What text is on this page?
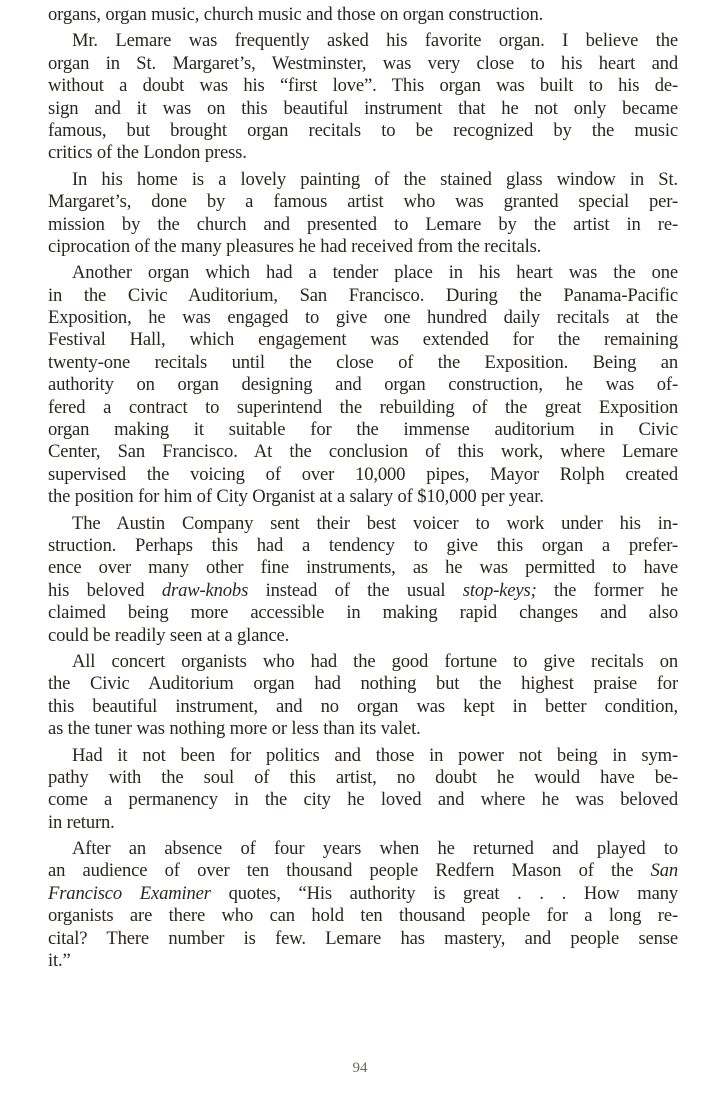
organs, organ music, church music and those on organ construction.
Mr. Lemare was frequently asked his favorite organ. I believe the
organ in St. Margaret’s, Westminster, was very close to his heart and
without a doubt was his “first love”. This organ was built to his de-
sign and it was on this beautiful instrument that he not only became
famous, but brought organ recitals to be recognized by the music
critics of the London press.
In his home is a lovely painting of the stained glass window in St.
Margaret’s, done by a famous artist who was granted special per-
mission by the church and presented to Lemare by the artist in re-
ciprocation of the many pleasures he had received from the recitals.
Another organ which had a tender place in his heart was the one
in the Civic Auditorium, San Francisco. During the Panama-Pacific
Exposition, he was engaged to give one hundred daily recitals at the
Festival Hall, which engagement was extended for the remaining
twenty-one recitals until the close of the Exposition. Being an
authority on organ designing and organ construction, he was of-
fered a contract to superintend the rebuilding of the great Exposition
organ making it suitable for the immense auditorium in Civic
Center, San Francisco. At the conclusion of this work, where Lemare
supervised the voicing of over 10,000 pipes, Mayor Rolph created
the position for him of City Organist at a salary of $10,000 per year.
The Austin Company sent their best voicer to work under his in-
struction. Perhaps this had a tendency to give this organ a prefer-
ence over many other fine instruments, as he was permitted to have
his beloved draw-knobs instead of the usual stop-keys; the former he
claimed being more accessible in making rapid changes and also
could be readily seen at a glance.
All concert organists who had the good fortune to give recitals on
the Civic Auditorium organ had nothing but the highest praise for
this beautiful instrument, and no organ was kept in better condition,
as the tuner was nothing more or less than its valet.
Had it not been for politics and those in power not being in sym-
pathy with the soul of this artist, no doubt he would have be-
come a permanency in the city he loved and where he was beloved
in return.
After an absence of four years when he returned and played to
an audience of over ten thousand people Redfern Mason of the San
Francisco Examiner quotes, “His authority is great . . . How many
organists are there who can hold ten thousand people for a long re-
cital? There number is few. Lemare has mastery, and people sense
it.”
94
